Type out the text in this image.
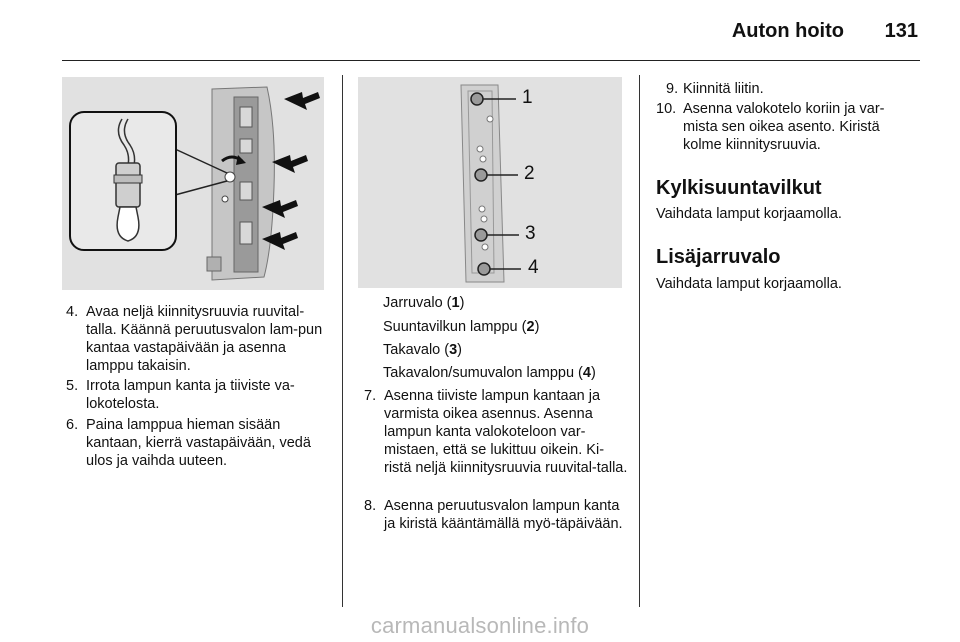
Auton hoito 131
1
2
3
4
4. Avaa neljä kiinnitysruuvia ruuvital-talla. Käännä peruutusvalon lam-pun kantaa vastapäivään ja asenna lamppu takaisin.
5. Irrota lampun kanta ja tiiviste va-lokotelosta.
6. Paina lamppua hieman sisään kantaan, kierrä vastapäivään, vedä ulos ja vaihda uuteen.
Jarruvalo (1)
Suuntavilkun lamppu (2)
Takavalo (3)
Takavalon/sumuvalon lamppu (4)
7. Asenna tiiviste lampun kantaan ja varmista oikea asennus. Asenna lampun kanta valokoteloon var-mistaen, että se lukittuu oikein. Ki-ristä neljä kiinnitysruuvia ruuvital-talla.
8. Asenna peruutusvalon lampun kanta ja kiristä kääntämällä myö-täpäivään.
9. Kiinnitä liitin.
10. Asenna valokotelo koriin ja var-mista sen oikea asento. Kiristä kolme kiinnitysruuvia.
Kylkisuuntavilkut
Vaihdata lamput korjaamolla.
Lisäjarruvalo
Vaihdata lamput korjaamolla.
carmanualsonline.info
